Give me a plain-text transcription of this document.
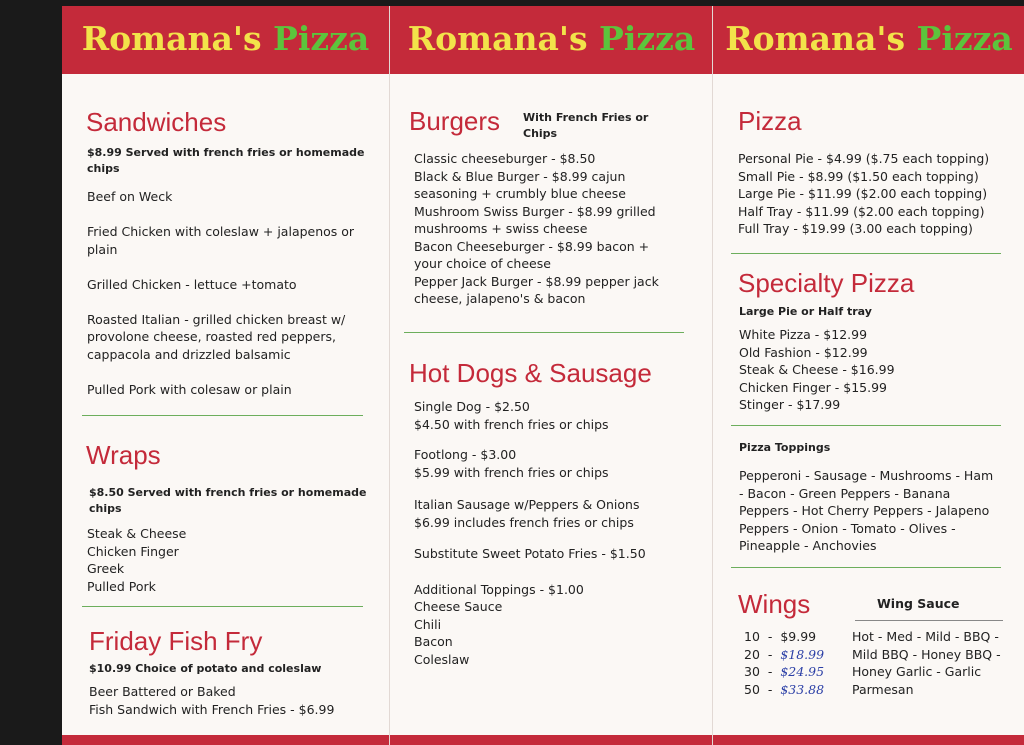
Romana's Pizza
Sandwiches
$8.99 Served with french fries or homemade chips
Beef on Weck
Fried Chicken with coleslaw + jalapenos or plain
Grilled Chicken - lettuce +tomato
Roasted Italian - grilled chicken breast w/ provolone cheese, roasted red peppers, cappacola and drizzled balsamic
Pulled Pork with colesaw or plain
Wraps
$8.50 Served with french fries or homemade chips
Steak & Cheese
Chicken Finger
Greek
Pulled Pork
Friday Fish Fry
$10.99 Choice of potato and coleslaw
Beer Battered or Baked
Fish Sandwich with French Fries - $6.99
Romana's Pizza
Burgers With French Fries or Chips
Classic cheeseburger - $8.50
Black & Blue Burger - $8.99 cajun seasoning + crumbly blue cheese
Mushroom Swiss Burger - $8.99 grilled mushrooms + swiss cheese
Bacon Cheeseburger - $8.99 bacon + your choice of cheese
Pepper Jack Burger - $8.99 pepper jack cheese, jalapeno's & bacon
Hot Dogs & Sausage
Single Dog - $2.50
$4.50 with french fries or chips
Footlong - $3.00
$5.99 with french fries or chips
Italian Sausage w/Peppers & Onions
$6.99 includes french fries or chips
Substitute Sweet Potato Fries - $1.50
Additional Toppings - $1.00
Cheese Sauce
Chili
Bacon
Coleslaw
Romana's Pizza
Pizza
Personal Pie - $4.99 ($.75 each topping)
Small Pie - $8.99 ($1.50 each topping)
Large Pie - $11.99 ($2.00 each topping)
Half Tray - $11.99 ($2.00 each topping)
Full Tray - $19.99 (3.00 each topping)
Specialty Pizza
Large Pie or Half tray
White Pizza - $12.99
Old Fashion - $12.99
Steak & Cheese - $16.99
Chicken Finger - $15.99
Stinger - $17.99
Pizza Toppings
Pepperoni - Sausage - Mushrooms - Ham - Bacon - Green Peppers - Banana Peppers - Hot Cherry Peppers - Jalapeno Peppers - Onion - Tomato - Olives - Pineapple - Anchovies
Wings	Wing Sauce
10  -  $9.99
20  -  $18.99
30  -  $24.95
50  -  $33.88
Hot - Med - Mild - BBQ - Mild BBQ - Honey BBQ - Honey Garlic - Garlic Parmesan
